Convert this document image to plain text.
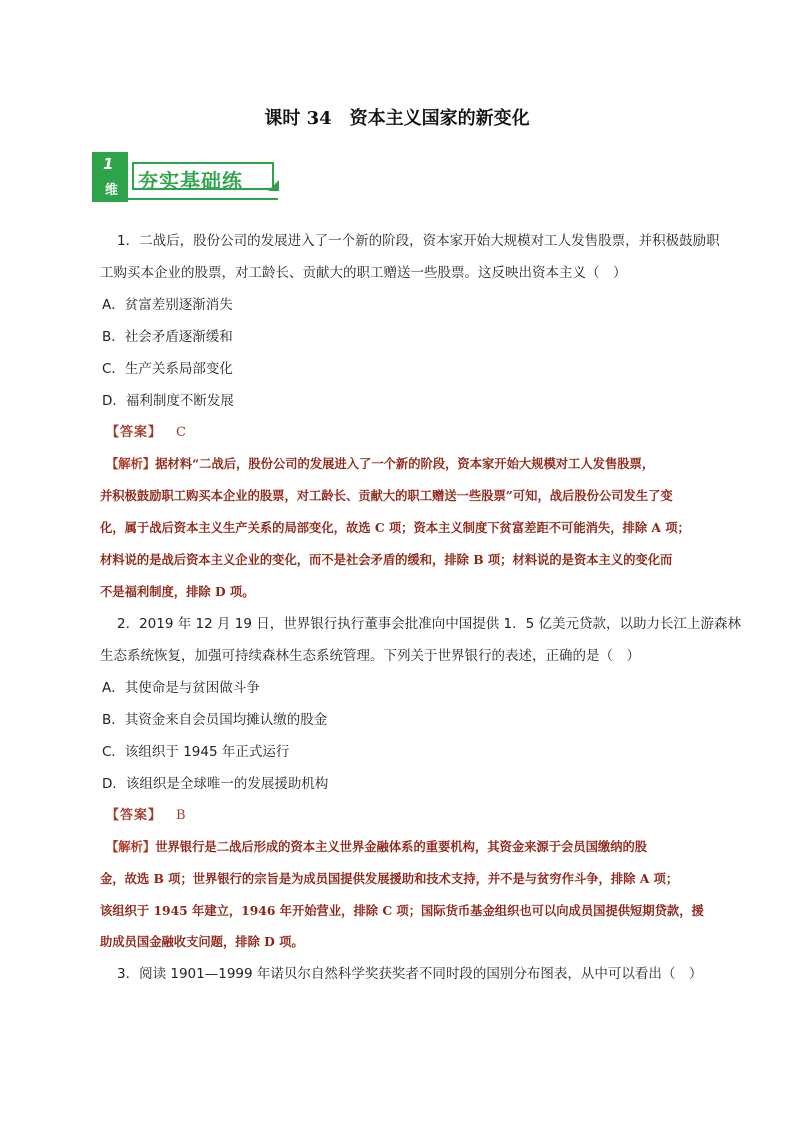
课时 34　资本主义国家的新变化
1
维 夯实基础练
1．二战后，股份公司的发展进入了一个新的阶段，资本家开始大规模对工人发售股票，并积极鼓励职
工购买本企业的股票，对工龄长、贡献大的职工赠送一些股票。这反映出资本主义（　）
A．贫富差别逐渐消失
B．社会矛盾逐渐缓和
C．生产关系局部变化
D．福利制度不断发展
【答案】 C
【解析】据材料“二战后，股份公司的发展进入了一个新的阶段，资本家开始大规模对工人发售股票，
并积极鼓励职工购买本企业的股票，对工龄长、贡献大的职工赠送一些股票”可知，战后股份公司发生了变
化，属于战后资本主义生产关系的局部变化，故选 C 项；资本主义制度下贫富差距不可能消失，排除 A 项；
材料说的是战后资本主义企业的变化，而不是社会矛盾的缓和，排除 B 项；材料说的是资本主义的变化而
不是福利制度，排除 D 项。
2．2019 年 12 月 19 日，世界银行执行董事会批准向中国提供 1．5 亿美元贷款，以助力长江上游森林
生态系统恢复，加强可持续森林生态系统管理。下列关于世界银行的表述，正确的是（　）
A．其使命是与贫困做斗争
B．其资金来自会员国均摊认缴的股金
C．该组织于 1945 年正式运行
D．该组织是全球唯一的发展援助机构
【答案】 B
【解析】世界银行是二战后形成的资本主义世界金融体系的重要机构，其资金来源于会员国缴纳的股
金，故选 B 项；世界银行的宗旨是为成员国提供发展援助和技术支持，并不是与贫穷作斗争，排除 A 项；
该组织于 1945 年建立，1946 年开始营业，排除 C 项；国际货币基金组织也可以向成员国提供短期贷款，援
助成员国金融收支问题，排除 D 项。
3．阅读 1901—1999 年诺贝尔自然科学奖获奖者不同时段的国别分布图表，从中可以看出（　）
